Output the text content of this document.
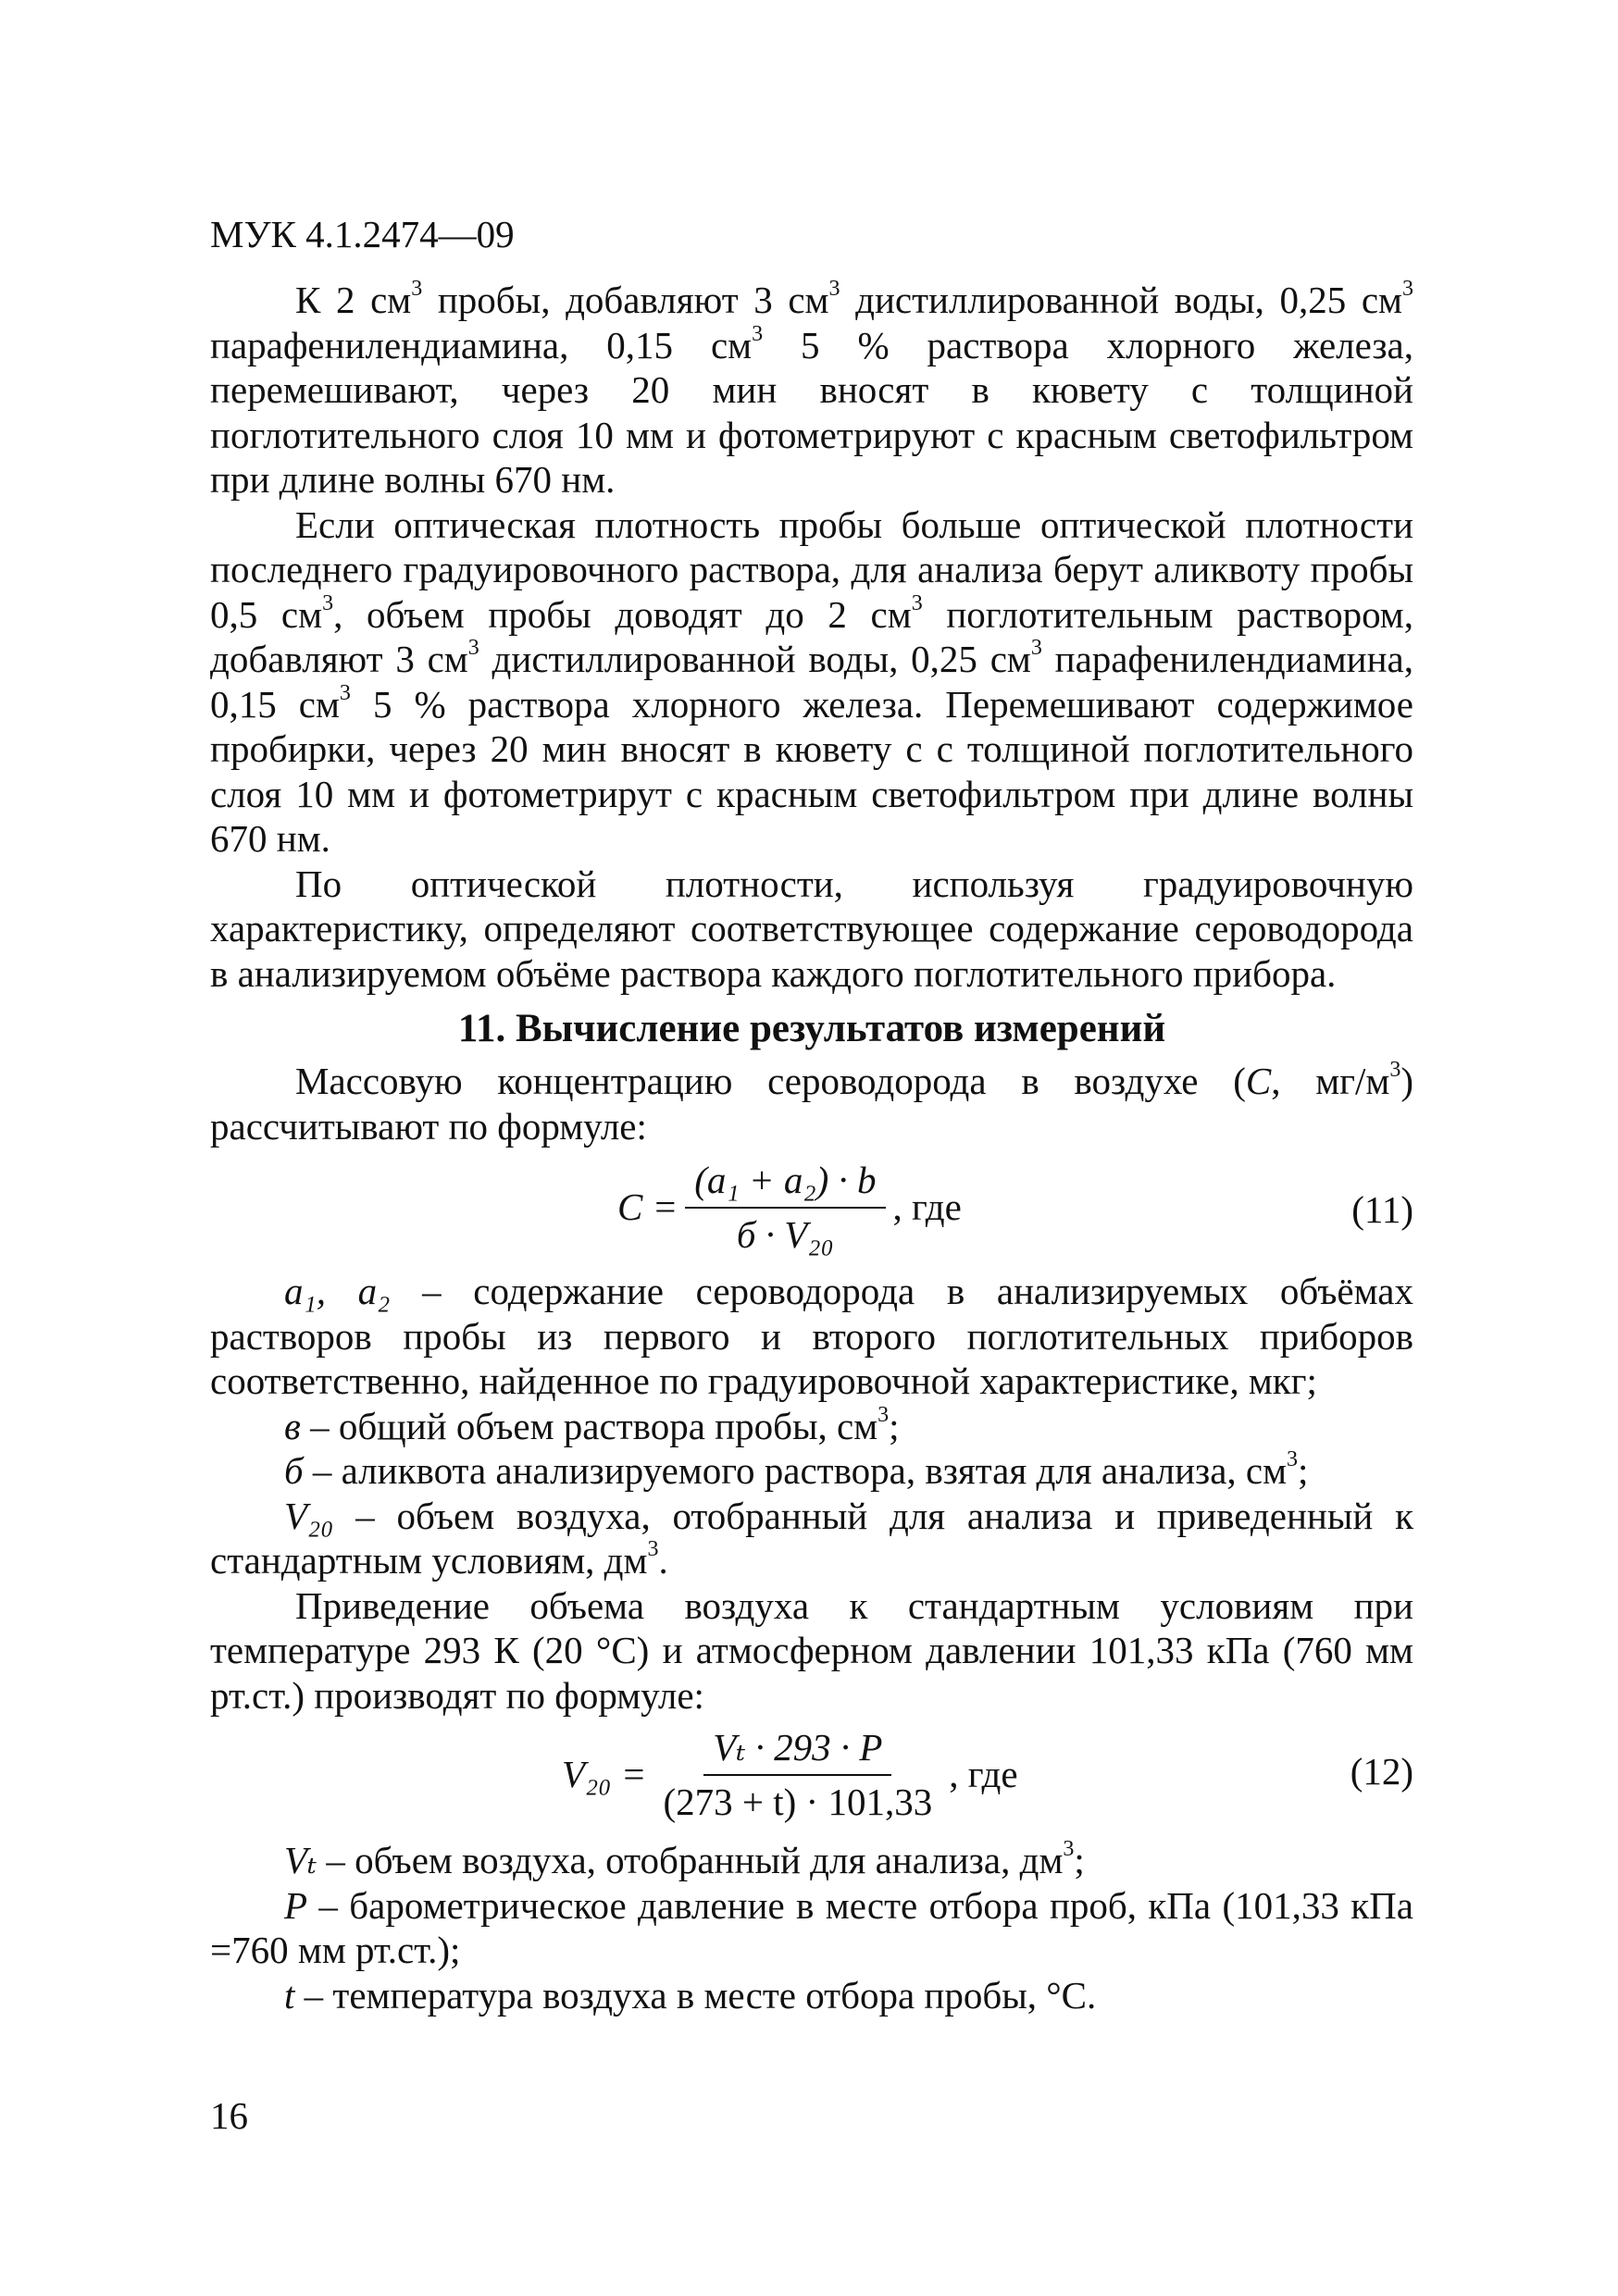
МУК 4.1.2474—09

К 2 $см^3$ пробы, добавляют 3 $см^3$ дистиллированной воды, 0,25 $см^3$ парафенилендиамина, 0,15 $см^3$ 5 % раствора хлорного железа, перемешивают, через 20 мин вносят в кювету с толщиной поглотительного слоя 10 мм и фотометрируют с красным светофильтром при длине волны 670 нм.

Если оптическая плотность пробы больше оптической плотности последнего градуировочного раствора, для анализа берут аликвоту пробы 0,5 $см^3$, объем пробы доводят до 2 $см^3$ поглотительным раствором, добавляют 3 $см^3$ дистиллированной воды, 0,25 $см^3$ парафенилендиамина, 0,15 $см^3$ 5 % раствора хлорного железа. Перемешивают содержимое пробирки, через 20 мин вносят в кювету с с толщиной поглотительного слоя 10 мм и фотометрирут с красным светофильтром при длине волны 670 нм.

По оптической плотности, используя градуировочную характеристику, определяют соответствующее содержание сероводорода в анализируемом объёме раствора каждого поглотительного прибора.

11. Вычисление результатов измерений

Массовую концентрацию сероводорода в воздухе (C, $мг/м^3$) рассчитывают по формуле:

$C = \frac{\text{(a₁ + a₂) · b}}{\text{б · V₂₀}}$ , где	(11)

a₁, a₂ – содержание сероводорода в анализируемых объёмах растворов пробы из первого и второго поглотительных приборов соответственно, найденное по градуировочной характеристике, мкг;

в – общий объем раствора пробы, $см^3$;

б – аликвота анализируемого раствора, взятая для анализа, $см^3$;

V₂₀ – объем воздуха, отобранный для анализа и приведенный к стандартным условиям, $дм^3$.

Приведение объема воздуха к стандартным условиям при температуре 293 К (20 °С) и атмосферном давлении 101,33 кПа (760 мм рт.ст.) производят по формуле:

$V_{20} = \frac{\text{Vₜ · 293 · P}}{(273 + t) \cdot 101,33}$ , где	(12)

Vₜ – объем воздуха, отобранный для анализа, $дм^3$;

P – барометрическое давление в месте отбора проб, кПа (101,33 кПа =760 мм рт.ст.);

t – температура воздуха в месте отбора пробы, °С.

16
